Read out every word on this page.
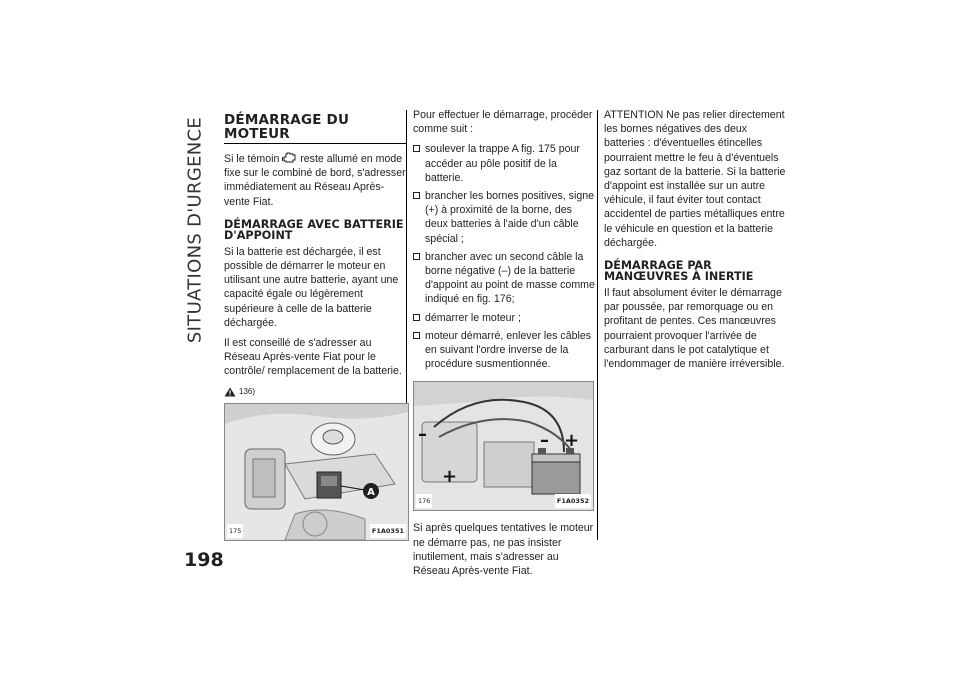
SITUATIONS D'URGENCE
198
DÉMARRAGE DU MOTEUR

Si le témoin reste allumé en mode fixe sur le combiné de bord, s'adresser immédiatement au Réseau Après-vente Fiat.

DÉMARRAGE AVEC BATTERIE D'APPOINT

Si la batterie est déchargée, il est possible de démarrer le moteur en utilisant une autre batterie, ayant une capacité égale ou légèrement supérieure à celle de la batterie déchargée.

Il est conseillé de s'adresser au Réseau Après-vente Fiat pour le contrôle/ remplacement de la batterie.

136)
A
175	F1A0351

Pour effectuer le démarrage, procéder comme suit :

soulever la trappe A fig. 175 pour accéder au pôle positif de la batterie.
brancher les bornes positives, signe (+) à proximité de la borne, des deux batteries à l'aide d'un câble spécial ;
brancher avec un second câble la borne négative (–) de la batterie d'appoint au point de masse comme indiqué en fig. 176;
démarrer le moteur ;
moteur démarré, enlever les câbles en suivant l'ordre inverse de la procédure susmentionnée.
+
–	– +
176	F1A0352

Si après quelques tentatives le moteur ne démarre pas, ne pas insister inutilement, mais s'adresser au Réseau Après-vente Fiat.

ATTENTION Ne pas relier directement les bornes négatives des deux batteries : d'éventuelles étincelles pourraient mettre le feu à d'éventuels gaz sortant de la batterie. Si la batterie d'appoint est installée sur un autre véhicule, il faut éviter tout contact accidentel de parties métalliques entre le véhicule en question et la batterie déchargée.

DÉMARRAGE PAR MANŒUVRES À INERTIE

Il faut absolument éviter le démarrage par poussée, par remorquage ou en profitant de pentes. Ces manœuvres pourraient provoquer l'arrivée de carburant dans le pot catalytique et l'endommager de manière irréversible.
